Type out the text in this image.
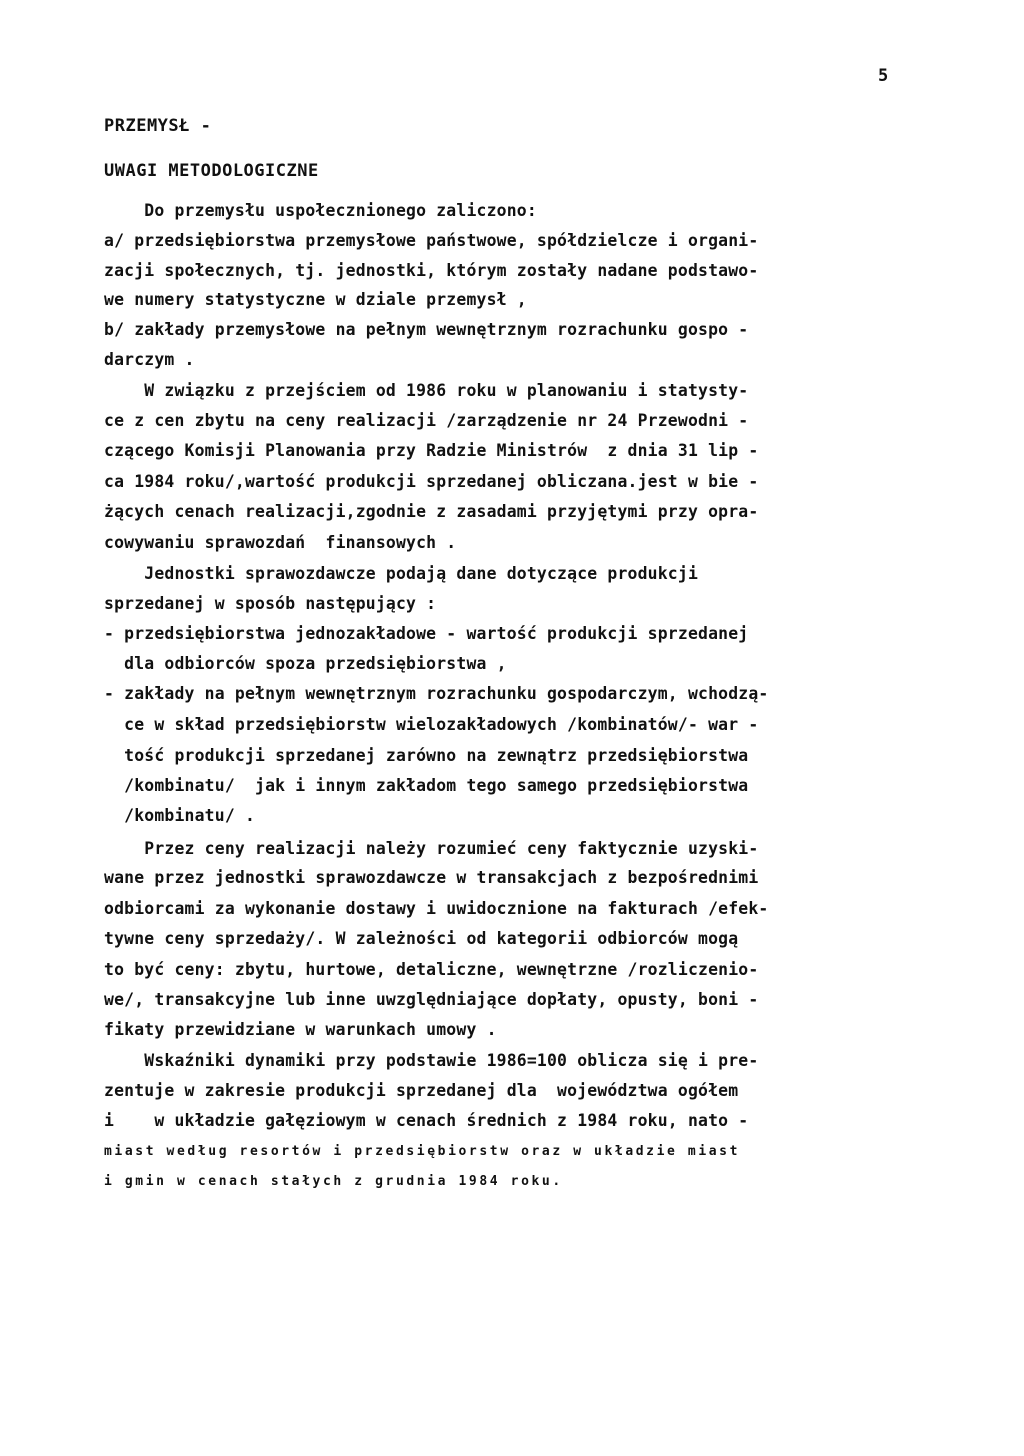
5
PRZEMYSŁ -
UWAGI METODOLOGICZNE
Do przemysłu uspołecznionego zaliczono:
a/ przedsiębiorstwa przemysłowe państwowe, spółdzielcze i organi-
zacji społecznych, tj. jednostki, którym zostały nadane podstawo-
we numery statystyczne w dziale przemysł ,
b/ zakłady przemysłowe na pełnym wewnętrznym rozrachunku gospo -
darczym .
W związku z przejściem od 1986 roku w planowaniu i statysty-
ce z cen zbytu na ceny realizacji /zarządzenie nr 24 Przewodni -
czącego Komisji Planowania przy Radzie Ministrów  z dnia 31 lip -
ca 1984 roku/,wartość produkcji sprzedanej obliczana.jest w bie -
żących cenach realizacji,zgodnie z zasadami przyjętymi przy opra-
cowywaniu sprawozdań  finansowych .
Jednostki sprawozdawcze podają dane dotyczące produkcji
sprzedanej w sposób następujący :
- przedsiębiorstwa jednozakładowe - wartość produkcji sprzedanej
dla odbiorców spoza przedsiębiorstwa ,
- zakłady na pełnym wewnętrznym rozrachunku gospodarczym, wchodzą-
ce w skład przedsiębiorstw wielozakładowych /kombinatów/- war -
tość produkcji sprzedanej zarówno na zewnątrz przedsiębiorstwa
/kombinatu/  jak i innym zakładom tego samego przedsiębiorstwa
/kombinatu/ .
Przez ceny realizacji należy rozumieć ceny faktycznie uzyski-
wane przez jednostki sprawozdawcze w transakcjach z bezpośrednimi
odbiorcami za wykonanie dostawy i uwidocznione na fakturach /efek-
tywne ceny sprzedaży/. W zależności od kategorii odbiorców mogą
to być ceny: zbytu, hurtowe, detaliczne, wewnętrzne /rozliczenio-
we/, transakcyjne lub inne uwzględniające dopłaty, opusty, boni -
fikaty przewidziane w warunkach umowy .
Wskaźniki dynamiki przy podstawie 1986=100 oblicza się i pre-
zentuje w zakresie produkcji sprzedanej dla  województwa ogółem
i    w układzie gałęziowym w cenach średnich z 1984 roku, nato -
miast według resortów i przedsiębiorstw oraz w układzie miast
i gmin w cenach stałych z grudnia 1984 roku.
